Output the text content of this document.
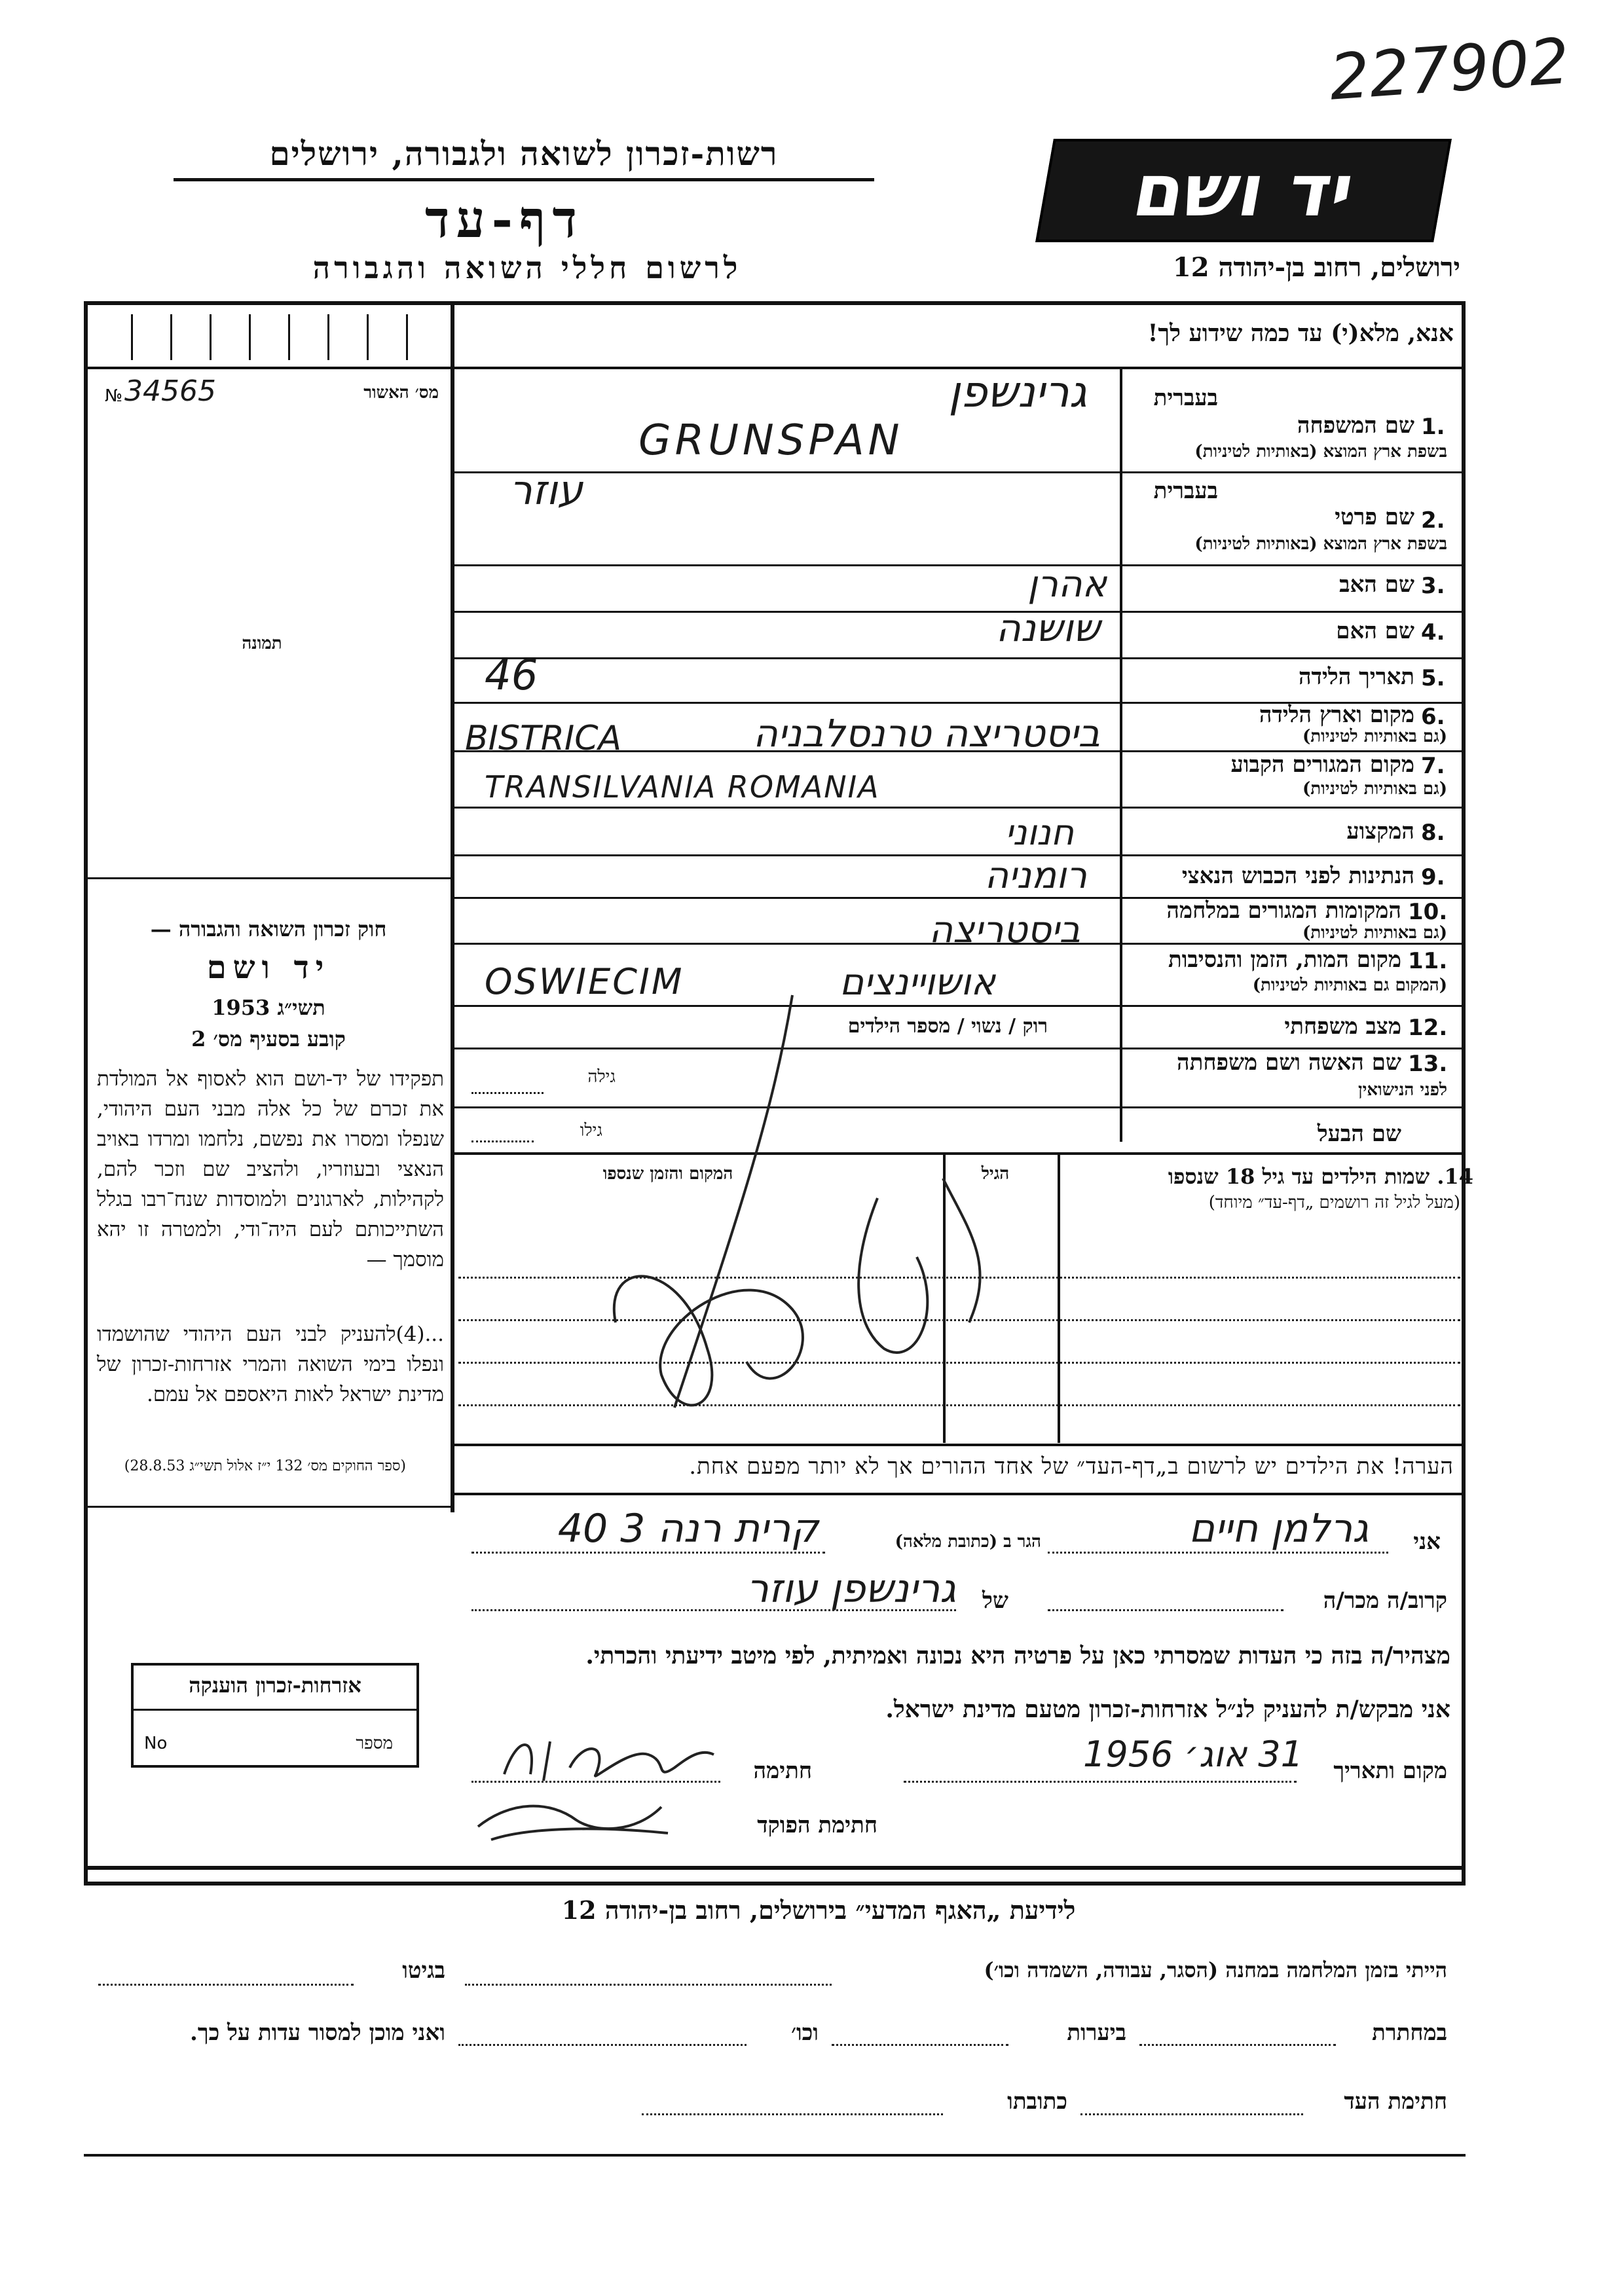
227902
רשות-זכרון לשואה ולגבורה, ירושלים
דף-עד
לרשום חללי השואה והגבורה
יד ושם
ירושלים, רחוב בן-יהודה 12
אנא, מלא(י) עד כמה שידוע לך!
מס׳ האשור
34565
№
תמונה
חוק זכרון השואה והגבורה —
יד ושם
תשי״ג 1953
קובע בסעיף מס׳ 2
תפקידו של יד-ושם הוא לאסוף אל המולדת את זכרם של כל אלה מבני העם היהודי, שנפלו ומסרו את נפשם, נלחמו ומרדו באויב הנאצי ובעוזריו, ולהציב שם וזכר להם, לקהילות, לארגונים ולמוסדות שנח־רבו בגלל השתייכותם לעם היה־ודי, ולמטרה זו יהא מוסמך —
...(4)להעניק לבני העם היהודי שהושמדו ונפלו בימי השואה והמרי אזרחות-זכרון של מדינת ישראל לאות היאספם אל עמם.
(ספר החוקים מס׳ 132 י״ז אלול תשי״ג 28.8.53)
אזרחות-זכרון הוענקה
מספר
No
בעברית
1.
שם המשפחה
בשפת ארץ המוצא (באותיות לטיניות)
גרינשפן
GRUNSPAN
בעברית
2.
שם פרטי
בשפת ארץ המוצא (באותיות לטיניות)
עוזר
3.
שם האב
אהרן
4.
שם האם
שושנה
5.
תאריך הלידה
46
6.
מקום וארץ הלידה
(גם באותיות לטיניות)
BISTRICA	ביסטריצה טרנסלבניה
7.
מקום המגורים הקבוע
(גם באותיות לטיניות)
TRANSILVANIA ROMANIA
8.
המקצוע
חנוני
9.
הנתינות לפני הכבוש הנאצי
רומניה
10.
המקומות המגורים במלחמה
(גם באותיות לטיניות)
ביסטריצה
11.
מקום המות, הזמן והנסיבות
(המקום גם באותיות לטיניות)
OSWIECIM	אושויינצים
12.
מצב משפחתי
רוק / נשוי / מספר הילדים
13.
שם האשה ושם משפחתה
לפני הנישואין
גילה
שם הבעל
גילו
14. שמות הילדים עד גיל 18 שנספו
(מעל לגיל זה רושמים „דף-עד״ מיוחד)
הגיל
המקום והזמן שנספו
הערה! את הילדים יש לרשום ב„דף-העד״ של אחד ההורים אך לא יותר מפעם אחת.
אני
גרלמן חיים
הגר ב (כתובת מלאה)
קרית רנה 3 40
קרוב/ה מכר/ה
של
גרינשפן עוזר
מצהיר/ה בזה כי העדות שמסרתי כאן על פרטיה היא נכונה ואמיתית, לפי מיטב ידיעתי והכרתי.
אני מבקש/ת להעניק לנ״ל אזרחות-זכרון מטעם מדינת ישראל.
מקום ותאריך
31 אוג׳ 1956
חתימה
חתימת הפוקד
לידיעת „האגף המדעי״ בירושלים, רחוב בן-יהודה 12
הייתי בזמן המלחמה במחנה (הסגר, עבודה, השמדה וכו׳)
בגיטו
במחתרת
ביערות
וכו׳
ואני מוכן למסור עדות על כך.
חתימת העד
כתובתו
